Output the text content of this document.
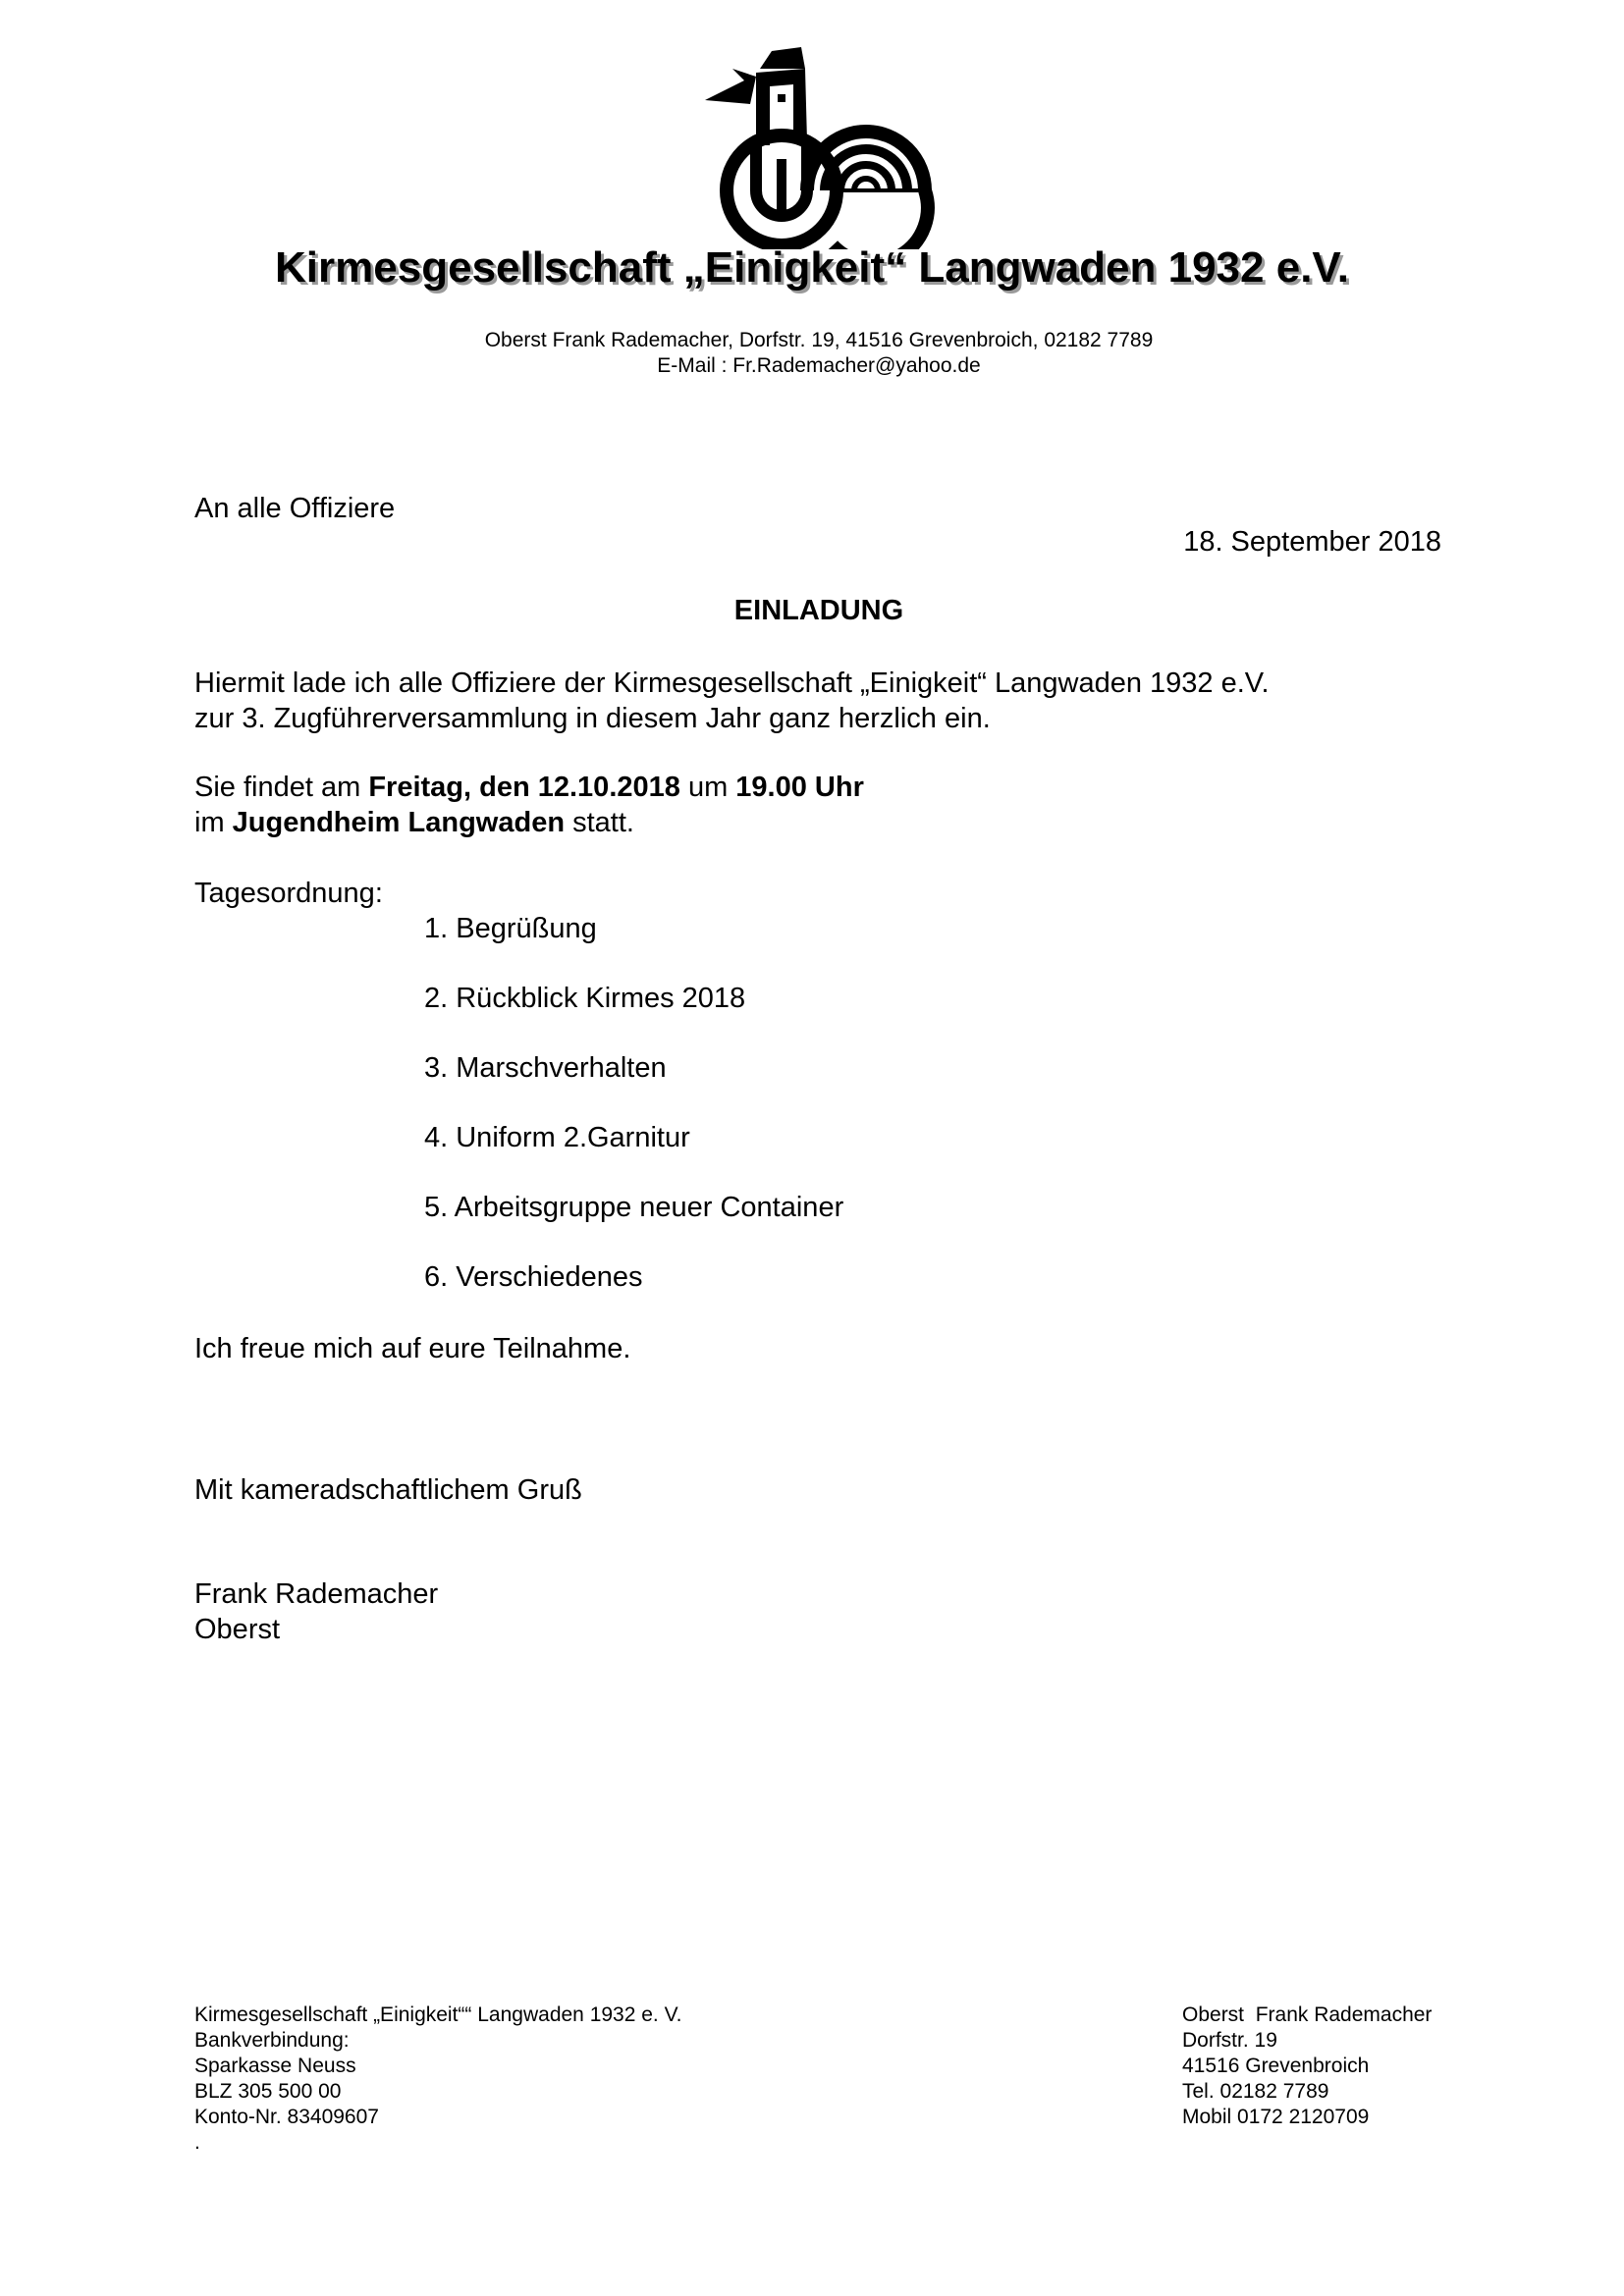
Kirmesgesellschaft „Einigkeit“ Langwaden 1932 e.V.
Oberst Frank Rademacher, Dorfstr. 19, 41516 Grevenbroich, 02182 7789
E-Mail : Fr.Rademacher@yahoo.de
An alle Offiziere
18. September 2018
EINLADUNG
Hiermit lade ich alle Offiziere der Kirmesgesellschaft „Einigkeit“ Langwaden 1932 e.V.
zur 3. Zugführerversammlung in diesem Jahr ganz herzlich ein.
Sie findet am Freitag, den 12.10.2018 um 19.00 Uhr
im Jugendheim Langwaden statt.
Tagesordnung:
1. Begrüßung
2. Rückblick Kirmes 2018
3. Marschverhalten
4. Uniform 2.Garnitur
5. Arbeitsgruppe neuer Container
6. Verschiedenes
Ich freue mich auf eure Teilnahme.
Mit kameradschaftlichem Gruß
Frank Rademacher
Oberst
Kirmesgesellschaft „Einigkeit““ Langwaden 1932 e. V.
Bankverbindung:
Sparkasse Neuss
BLZ 305 500 00
Konto-Nr. 83409607
.
Oberst  Frank Rademacher
Dorfstr. 19
41516 Grevenbroich
Tel. 02182 7789
Mobil 0172 2120709
